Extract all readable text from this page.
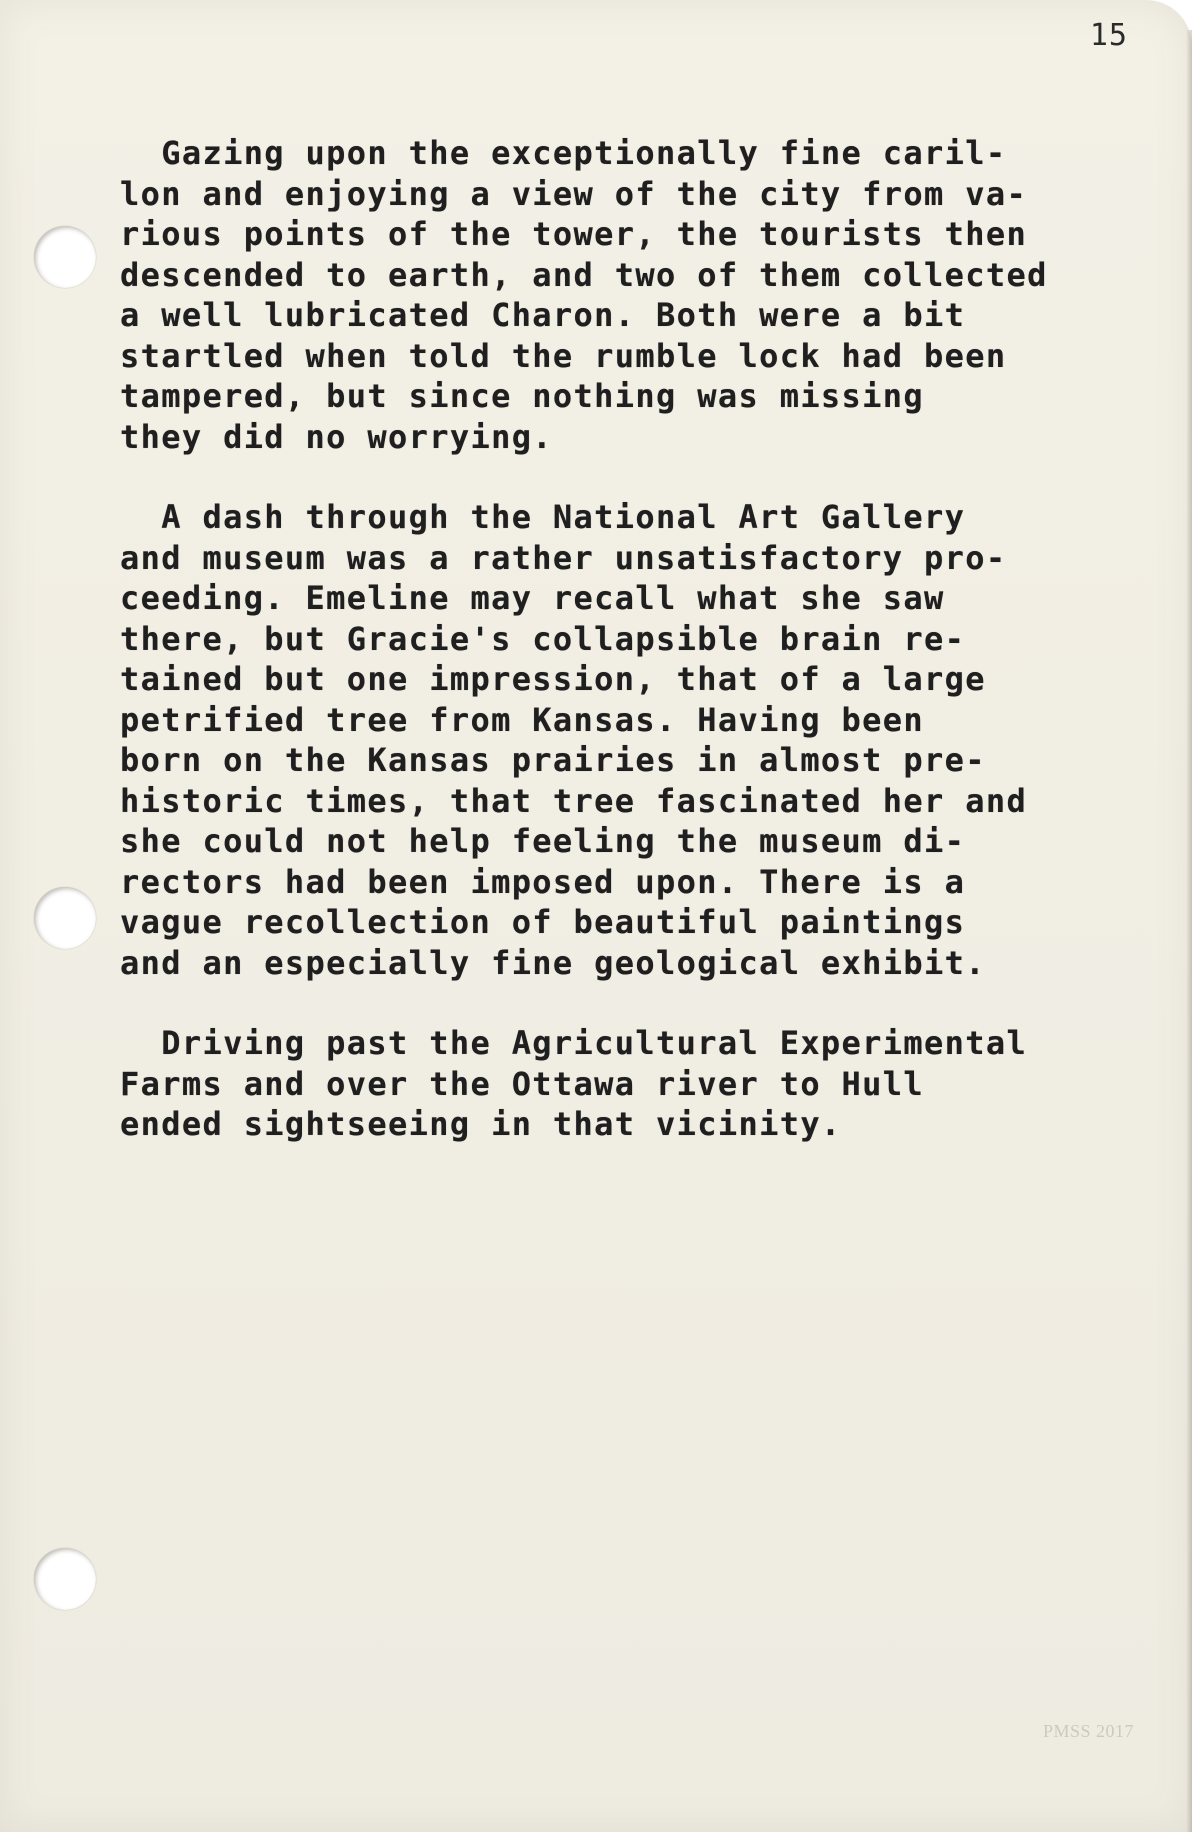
15
Gazing upon the exceptionally fine caril-
lon and enjoying a view of the city from va-
rious points of the tower, the tourists then
descended to earth, and two of them collected
a well lubricated Charon. Both were a bit
startled when told the rumble lock had been
tampered, but since nothing was missing
they did no worrying.
A dash through the National Art Gallery
and museum was a rather unsatisfactory pro-
ceeding. Emeline may recall what she saw
there, but Gracie's collapsible brain re-
tained but one impression, that of a large
petrified tree from Kansas. Having been
born on the Kansas prairies in almost pre-
historic times, that tree fascinated her and
she could not help feeling the museum di-
rectors had been imposed upon. There is a
vague recollection of beautiful paintings
and an especially fine geological exhibit.
Driving past the Agricultural Experimental
Farms and over the Ottawa river to Hull
ended sightseeing in that vicinity.
PMSS 2017
